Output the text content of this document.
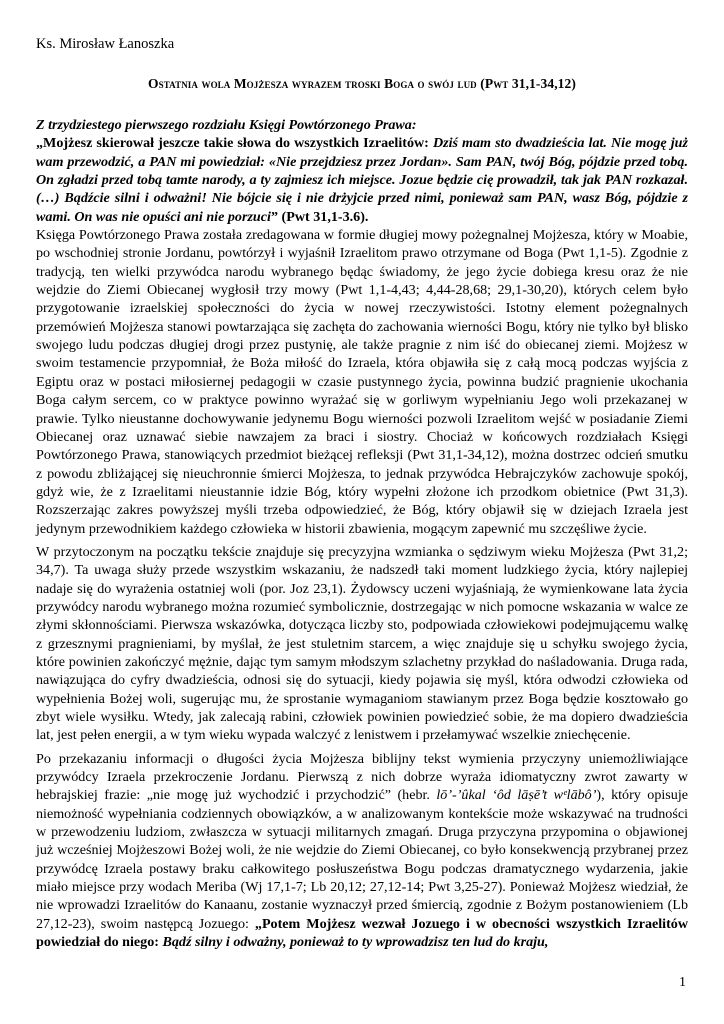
Ks. Mirosław Łanoszka
Ostatnia wola Mojżesza wyrazem troski Boga o swój lud (Pwt 31,1-34,12)

Z trzydziestego pierwszego rozdziału Księgi Powtórzonego Prawa:

„Mojżesz skierował jeszcze takie słowa do wszystkich Izraelitów: Dziś mam sto dwadzieścia lat. Nie mogę już wam przewodzić, a PAN mi powiedział: «Nie przejdziesz przez Jordan». Sam PAN, twój Bóg, pójdzie przed tobą. On zgładzi przed tobą tamte narody, a ty zajmiesz ich miejsce. Jozue będzie cię prowadził, tak jak PAN rozkazał. (…) Bądźcie silni i odważni! Nie bójcie się i nie drżyjcie przed nimi, ponieważ sam PAN, wasz Bóg, pójdzie z wami. On was nie opuści ani nie porzuci” (Pwt 31,1-3.6).

Księga Powtórzonego Prawa została zredagowana w formie długiej mowy pożegnalnej Mojżesza, który w Moabie, po wschodniej stronie Jordanu, powtórzył i wyjaśnił Izraelitom prawo otrzymane od Boga (Pwt 1,1-5). Zgodnie z tradycją, ten wielki przywódca narodu wybranego będąc świadomy, że jego życie dobiega kresu oraz że nie wejdzie do Ziemi Obiecanej wygłosił trzy mowy (Pwt 1,1-4,43; 4,44-28,68; 29,1-30,20), których celem było przygotowanie izraelskiej społeczności do życia w nowej rzeczywistości. Istotny element pożegnalnych przemówień Mojżesza stanowi powtarzająca się zachęta do zachowania wierności Bogu, który nie tylko był blisko swojego ludu podczas długiej drogi przez pustynię, ale także pragnie z nim iść do obiecanej ziemi. Mojżesz w swoim testamencie przypomniał, że Boża miłość do Izraela, która objawiła się z całą mocą podczas wyjścia z Egiptu oraz w postaci miłosiernej pedagogii w czasie pustynnego życia, powinna budzić pragnienie ukochania Boga całym sercem, co w praktyce powinno wyrażać się w gorliwym wypełnianiu Jego woli przekazanej w prawie. Tylko nieustanne dochowywanie jedynemu Bogu wierności pozwoli Izraelitom wejść w posiadanie Ziemi Obiecanej oraz uznawać siebie nawzajem za braci i siostry. Chociaż w końcowych rozdziałach Księgi Powtórzonego Prawa, stanowiących przedmiot bieżącej refleksji (Pwt 31,1-34,12), można dostrzec odcień smutku z powodu zbliżającej się nieuchronnie śmierci Mojżesza, to jednak przywódca Hebrajczyków zachowuje spokój, gdyż wie, że z Izraelitami nieustannie idzie Bóg, który wypełni złożone ich przodkom obietnice (Pwt 31,3). Rozszerzając zakres powyższej myśli trzeba odpowiedzieć, że Bóg, który objawił się w dziejach Izraela jest jedynym przewodnikiem każdego człowieka w historii zbawienia, mogącym zapewnić mu szczęśliwe życie.

W przytoczonym na początku tekście znajduje się precyzyjna wzmianka o sędziwym wieku Mojżesza (Pwt 31,2; 34,7). Ta uwaga służy przede wszystkim wskazaniu, że nadszedł taki moment ludzkiego życia, który najlepiej nadaje się do wyrażenia ostatniej woli (por. Joz 23,1). Żydowscy uczeni wyjaśniają, że wymienkowane lata życia przywódcy narodu wybranego można rozumieć symbolicznie, dostrzegając w nich pomocne wskazania w walce ze złymi skłonnościami. Pierwsza wskazówka, dotycząca liczby sto, podpowiada człowiekowi podejmującemu walkę z grzesznymi pragnieniami, by myślał, że jest stuletnim starcem, a więc znajduje się u schyłku swojego życia, które powinien zakończyć mężnie, dając tym samym młodszym szlachetny przykład do naśladowania. Druga rada, nawiązująca do cyfry dwadzieścia, odnosi się do sytuacji, kiedy pojawia się myśl, która odwodzi człowieka od wypełnienia Bożej woli, sugerując mu, że sprostanie wymaganiom stawianym przez Boga będzie kosztowało go zbyt wiele wysiłku. Wtedy, jak zalecają rabini, człowiek powinien powiedzieć sobie, że ma dopiero dwadzieścia lat, jest pełen energii, a w tym wieku wypada walczyć z lenistwem i przełamywać wszelkie zniechęcenie.

Po przekazaniu informacji o długości życia Mojżesza biblijny tekst wymienia przyczyny uniemożliwiające przywódcy Izraela przekroczenie Jordanu. Pierwszą z nich dobrze wyraża idiomatyczny zwrot zawarty w hebrajskiej frazie: „nie mogę już wychodzić i przychodzić” (hebr. lō’-’ûkal ‘ôd lāṣē’t wᵉlābô’), który opisuje niemożność wypełniania codziennych obowiązków, a w analizowanym kontekście może wskazywać na trudności w przewodzeniu ludziom, zwłaszcza w sytuacji militarnych zmagań. Druga przyczyna przypomina o objawionej już wcześniej Mojżeszowi Bożej woli, że nie wejdzie do Ziemi Obiecanej, co było konsekwencją przybranej przez przywódcę Izraela postawy braku całkowitego posłuszeństwa Bogu podczas dramatycznego wydarzenia, jakie miało miejsce przy wodach Meriba (Wj 17,1-7; Lb 20,12; 27,12-14; Pwt 3,25-27). Ponieważ Mojżesz wiedział, że nie wprowadzi Izraelitów do Kanaanu, zostanie wyznaczył przed śmiercią, zgodnie z Bożym postanowieniem (Lb 27,12-23), swoim następcą Jozuego: „Potem Mojżesz wezwał Jozuego i w obecności wszystkich Izraelitów powiedział do niego: Bądź silny i odważny, ponieważ to ty wprowadzisz ten lud do kraju,

1
